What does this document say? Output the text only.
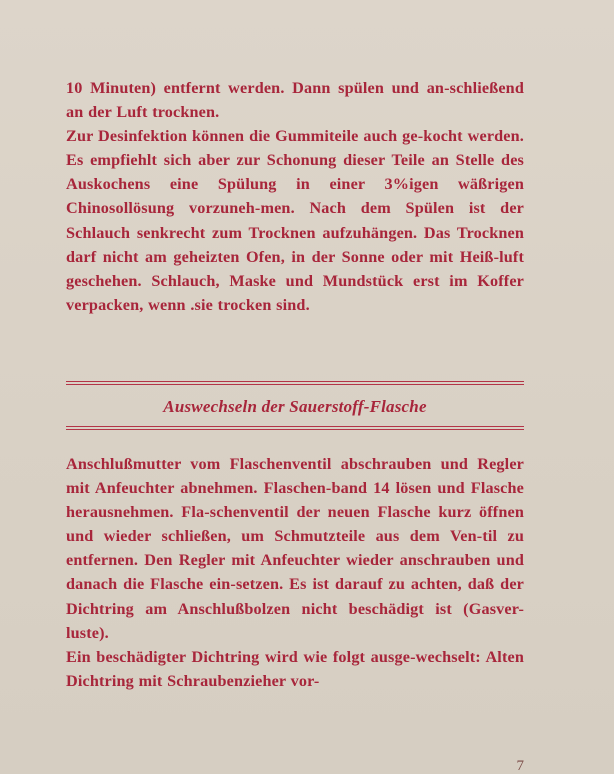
10 Minuten) entfernt werden. Dann spülen und an-schließend an der Luft trocknen.

Zur Desinfektion können die Gummiteile auch ge-kocht werden. Es empfiehlt sich aber zur Schonung dieser Teile an Stelle des Auskochens eine Spülung in einer 3%igen wäßrigen Chinosollösung vorzuneh-men. Nach dem Spülen ist der Schlauch senkrecht zum Trocknen aufzuhängen. Das Trocknen darf nicht am geheizten Ofen, in der Sonne oder mit Heiß-luft geschehen. Schlauch, Maske und Mundstück erst im Koffer verpacken, wenn .sie trocken sind.

Auswechseln der Sauerstoff-Flasche

Anschlußmutter vom Flaschenventil abschrauben und Regler mit Anfeuchter abnehmen. Flaschen-band 14 lösen und Flasche herausnehmen. Fla-schenventil der neuen Flasche kurz öffnen und wieder schließen, um Schmutzteile aus dem Ven-til zu entfernen. Den Regler mit Anfeuchter wieder anschrauben und danach die Flasche ein-setzen. Es ist darauf zu achten, daß der Dichtring am Anschlußbolzen nicht beschädigt ist (Gasver-luste).

Ein beschädigter Dichtring wird wie folgt ausge-wechselt: Alten Dichtring mit Schraubenzieher vor-

7
